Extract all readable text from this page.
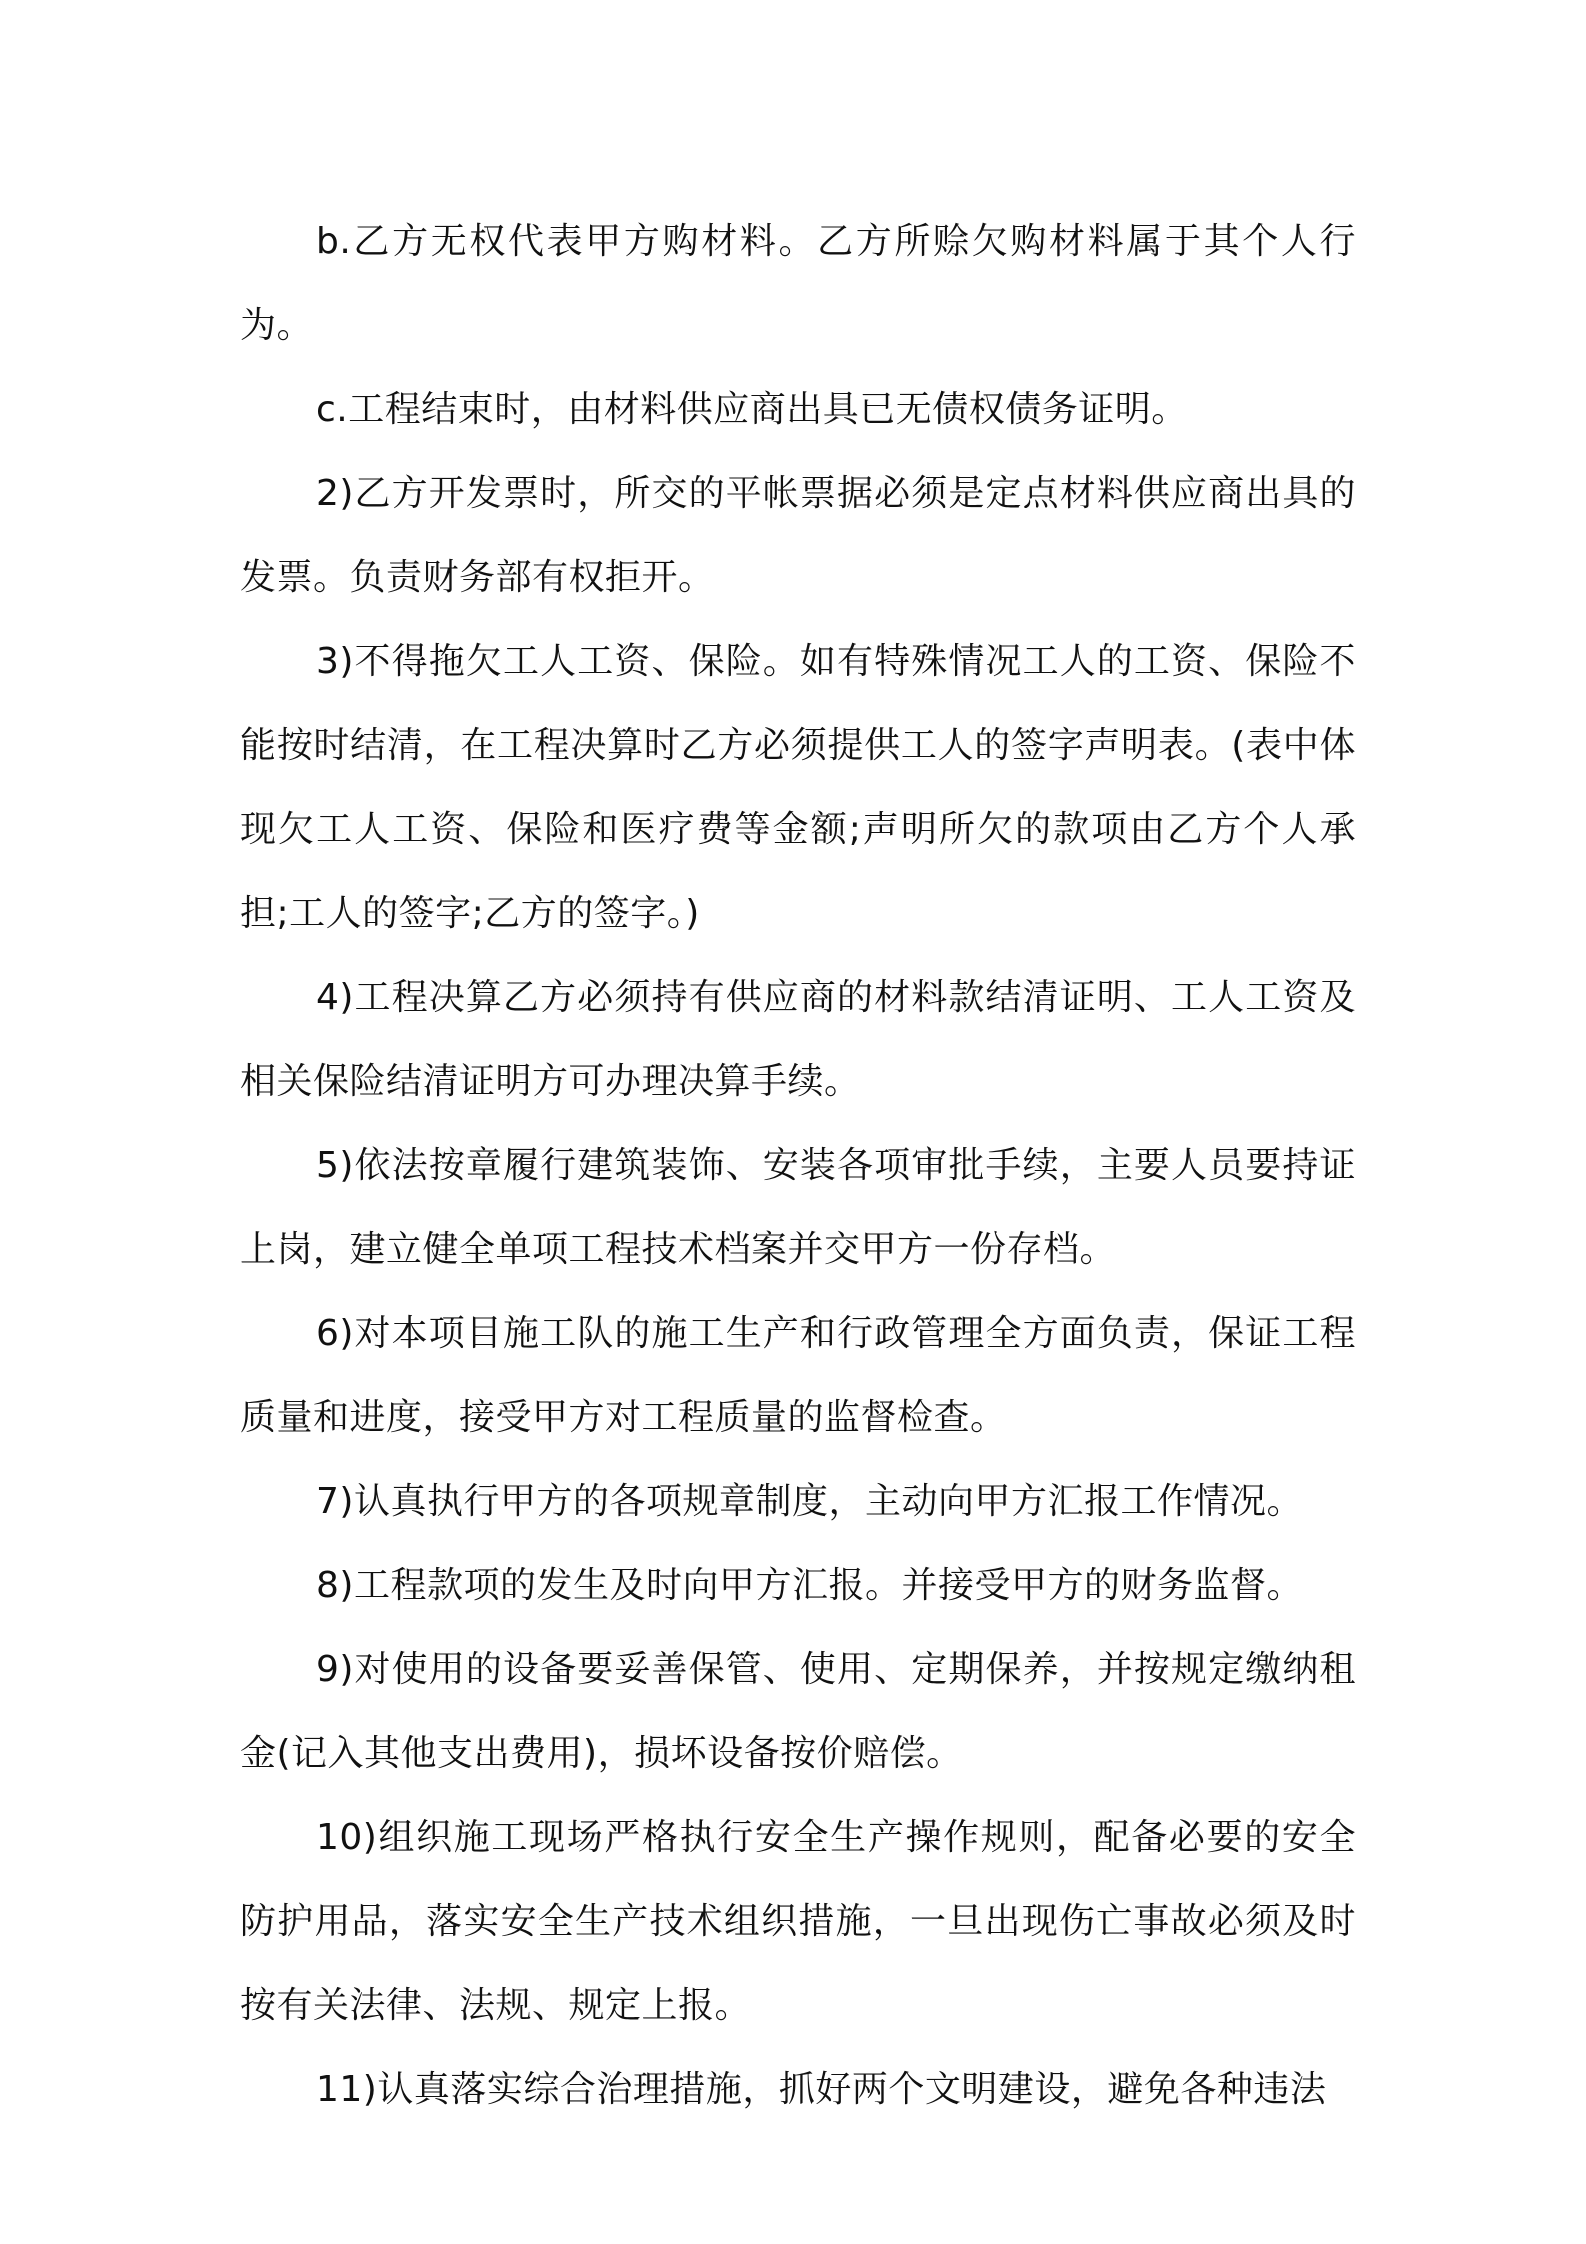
b.乙方无权代表甲方购材料。乙方所赊欠购材料属于其个人行为。

c.工程结束时，由材料供应商出具已无债权债务证明。

2)乙方开发票时，所交的平帐票据必须是定点材料供应商出具的发票。负责财务部有权拒开。

3)不得拖欠工人工资、保险。如有特殊情况工人的工资、保险不能按时结清，在工程决算时乙方必须提供工人的签字声明表。(表中体现欠工人工资、保险和医疗费等金额;声明所欠的款项由乙方个人承担;工人的签字;乙方的签字。)

4)工程决算乙方必须持有供应商的材料款结清证明、工人工资及相关保险结清证明方可办理决算手续。

5)依法按章履行建筑装饰、安装各项审批手续，主要人员要持证上岗，建立健全单项工程技术档案并交甲方一份存档。

6)对本项目施工队的施工生产和行政管理全方面负责，保证工程质量和进度，接受甲方对工程质量的监督检查。

7)认真执行甲方的各项规章制度，主动向甲方汇报工作情况。

8)工程款项的发生及时向甲方汇报。并接受甲方的财务监督。

9)对使用的设备要妥善保管、使用、定期保养，并按规定缴纳租金(记入其他支出费用)，损坏设备按价赔偿。

10)组织施工现场严格执行安全生产操作规则，配备必要的安全防护用品，落实安全生产技术组织措施，一旦出现伤亡事故必须及时按有关法律、法规、规定上报。

11)认真落实综合治理措施，抓好两个文明建设，避免各种违法
